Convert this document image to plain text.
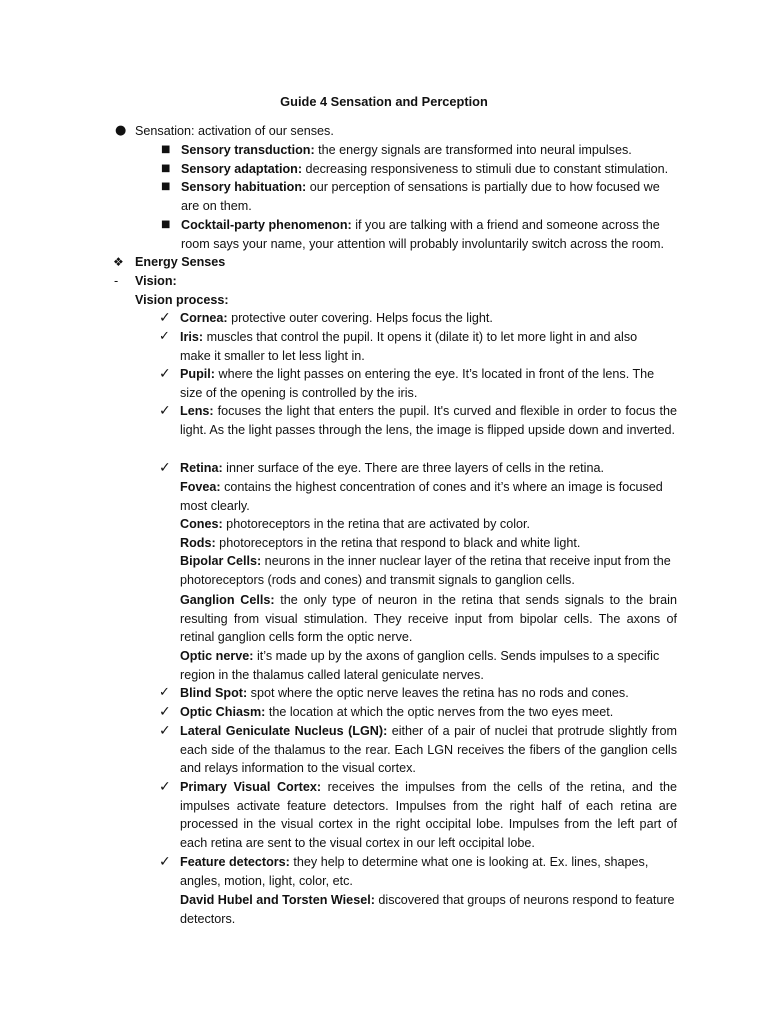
Guide 4 Sensation and Perception
● Sensation: activation of our senses.
■ Sensory transduction: the energy signals are transformed into neural impulses.
■ Sensory adaptation: decreasing responsiveness to stimuli due to constant stimulation.
■ Sensory habituation: our perception of sensations is partially due to how focused we are on them.
■ Cocktail-party phenomenon: if you are talking with a friend and someone across the room says your name, your attention will probably involuntarily switch across the room.
❖ Energy Senses
-	Vision:
Vision process:
✓ Cornea: protective outer covering. Helps focus the light.
✓ Iris: muscles that control the pupil. It opens it (dilate it) to let more light in and also make it smaller to let less light in.
✓ Pupil: where the light passes on entering the eye. It’s located in front of the lens. The size of the opening is controlled by the iris.
✓ Lens: focuses the light that enters the pupil. It's curved and flexible in order to focus the light. As the light passes through the lens, the image is flipped upside down and inverted.
✓ Retina: inner surface of the eye. There are three layers of cells in the retina.
Fovea: contains the highest concentration of cones and it’s where an image is focused most clearly.
Cones: photoreceptors in the retina that are activated by color.
Rods: photoreceptors in the retina that respond to black and white light.
Bipolar Cells: neurons in the inner nuclear layer of the retina that receive input from the photoreceptors (rods and cones) and transmit signals to ganglion cells.
Ganglion Cells: the only type of neuron in the retina that sends signals to the brain resulting from visual stimulation. They receive input from bipolar cells. The axons of retinal ganglion cells form the optic nerve.
Optic nerve: it’s made up by the axons of ganglion cells. Sends impulses to a specific region in the thalamus called lateral geniculate nerves.
✓ Blind Spot: spot where the optic nerve leaves the retina has no rods and cones.
✓ Optic Chiasm: the location at which the optic nerves from the two eyes meet.
✓ Lateral Geniculate Nucleus (LGN): either of a pair of nuclei that protrude slightly from each side of the thalamus to the rear. Each LGN receives the fibers of the ganglion cells and relays information to the visual cortex.
✓ Primary Visual Cortex: receives the impulses from the cells of the retina, and the impulses activate feature detectors. Impulses from the right half of each retina are processed in the visual cortex in the right occipital lobe. Impulses from the left part of each retina are sent to the visual cortex in our left occipital lobe.
✓ Feature detectors: they help to determine what one is looking at. Ex. lines, shapes, angles, motion, light, color, etc.
David Hubel and Torsten Wiesel: discovered that groups of neurons respond to feature detectors.
